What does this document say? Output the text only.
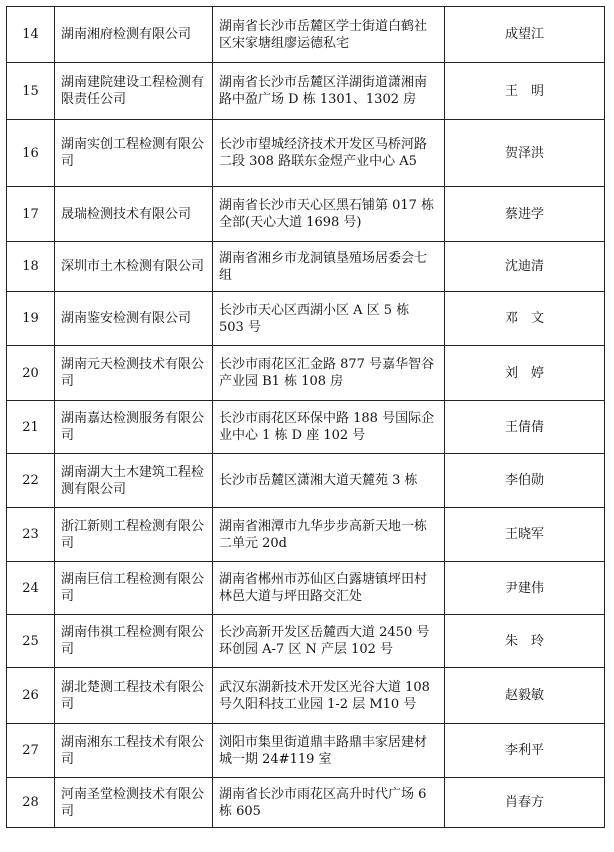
14	湖南湘府检测有限公司	湖南省长沙市岳麓区学士街道白鹤社区宋家塘组廖运德私宅	成望江
15	湖南建院建设工程检测有限责任公司	湖南省长沙市岳麓区洋湖街道潇湘南路中盈广场 D 栋 1301、1302 房	王　明
16	湖南实创工程检测有限公司	长沙市望城经济技术开发区马桥河路二段 308 路联东金煜产业中心 A5	贺泽洪
17	晟瑞检测技术有限公司	湖南省长沙市天心区黑石铺第 017 栋全部(天心大道 1698 号)	蔡进学
18	深圳市土木检测有限公司	湖南省湘乡市龙洞镇垦殖场居委会七组	沈迪清
19	湖南鉴安检测有限公司	长沙市天心区西湖小区 A 区 5 栋 503 号	邓　文
20	湖南元天检测技术有限公司	长沙市雨花区汇金路 877 号嘉华智谷产业园 B1 栋 108 房	刘　婷
21	湖南嘉达检测服务有限公司	长沙市雨花区环保中路 188 号国际企业中心 1 栋 D 座 102 号	王倩倩
22	湖南湖大土木建筑工程检测有限公司	长沙市岳麓区潇湘大道天麓苑 3 栋	李伯勋
23	浙江新则工程检测有限公司	湖南省湘潭市九华步步高新天地一栋二单元 20d	王晓军
24	湖南巨信工程检测有限公司	湖南省郴州市苏仙区白露塘镇坪田村林邑大道与坪田路交汇处	尹建伟
25	湖南伟祺工程检测有限公司	长沙高新开发区岳麓西大道 2450 号环创园 A-7 区 N 产层 102 号	朱　玲
26	湖北楚测工程技术有限公司	武汉东湖新技术开发区光谷大道 108 号久阳科技工业园 1-2 层 M10 号	赵毅敏
27	湖南湘东工程技术有限公司	浏阳市集里街道鼎丰路鼎丰家居建材城一期 24#119 室	李利平
28	河南圣堂检测技术有限公司	湖南省长沙市雨花区高升时代广场 6 栋 605	肖春方
